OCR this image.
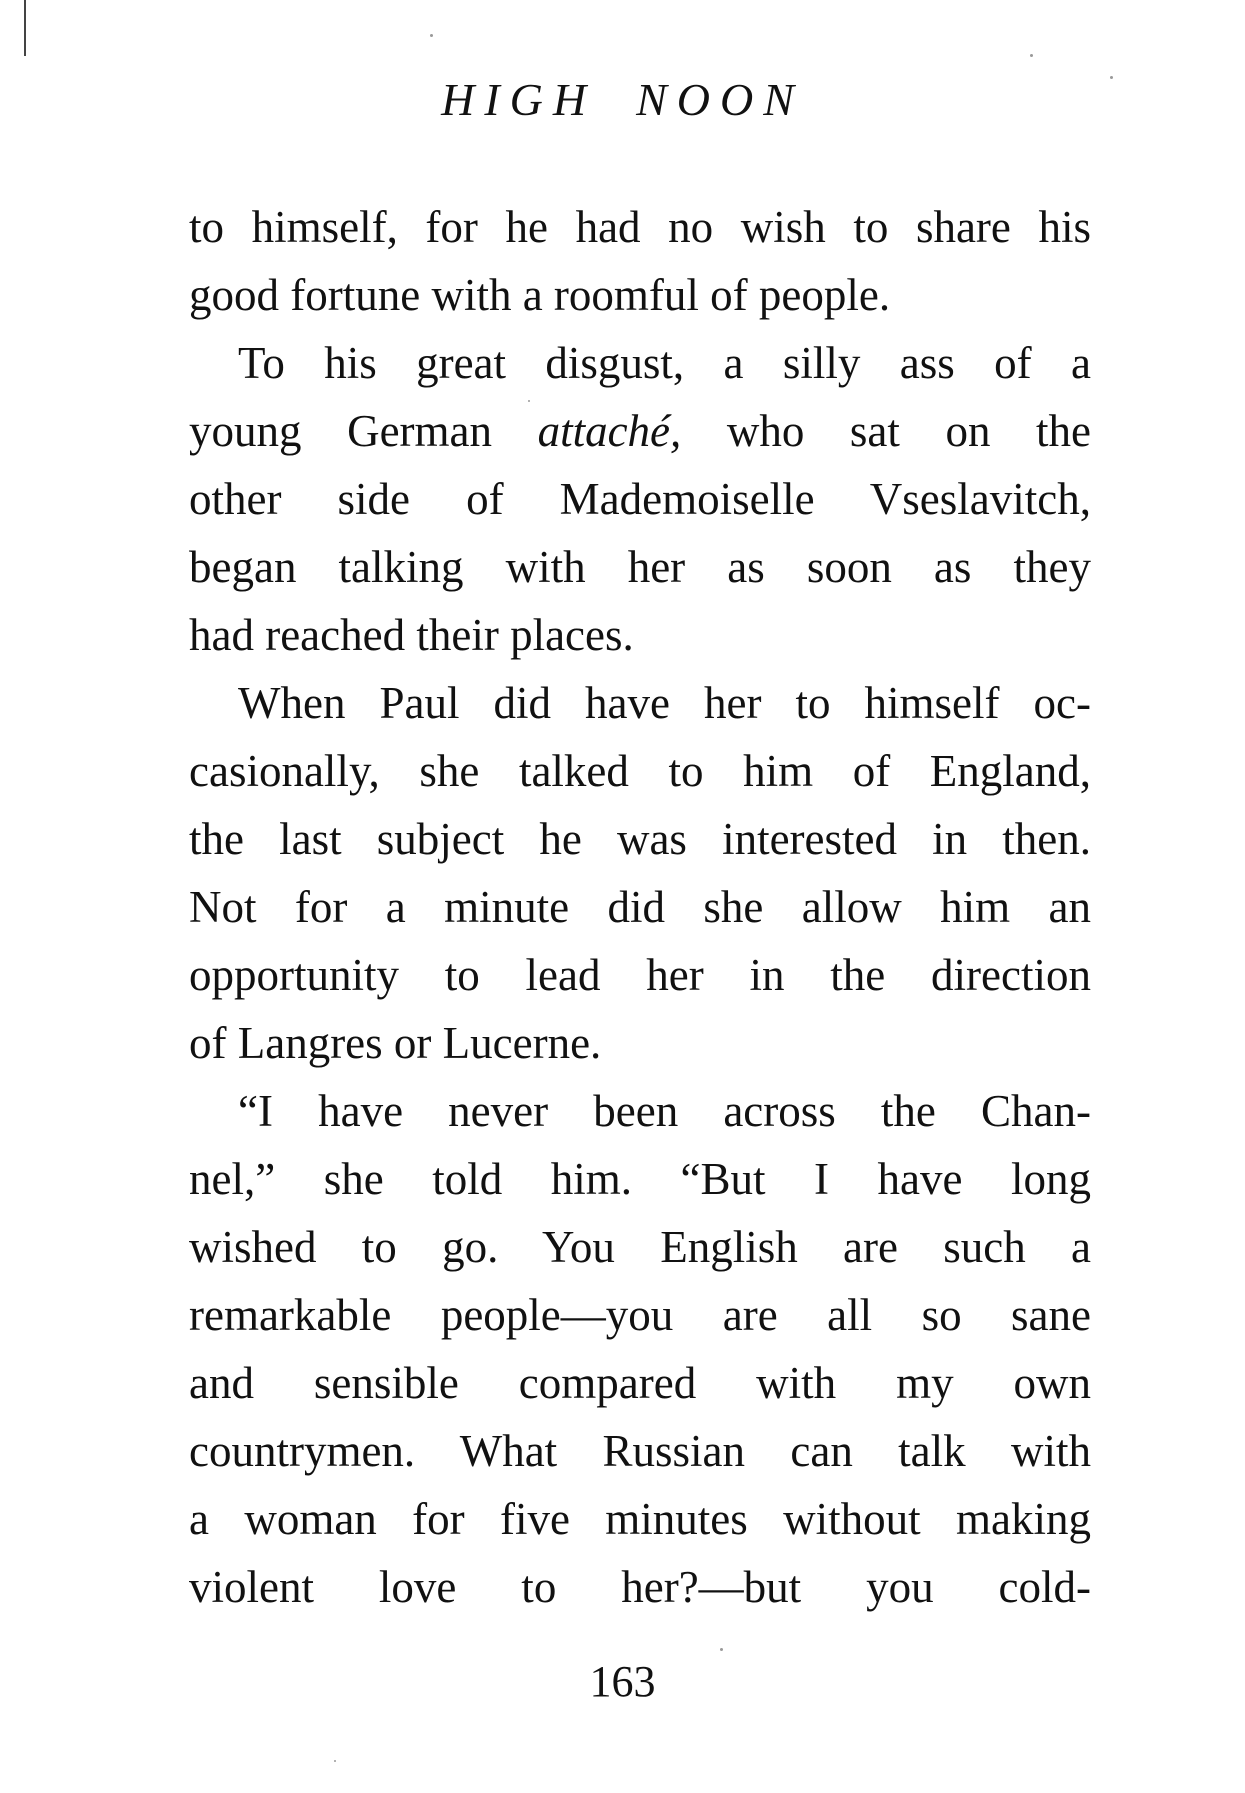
HIGH NOON
to himself, for he had no wish to share his
good fortune with a roomful of people.
To his great disgust, a silly ass of a
young German attaché, who sat on the
other side of Mademoiselle Vseslavitch,
began talking with her as soon as they
had reached their places.
When Paul did have her to himself oc-
casionally, she talked to him of England,
the last subject he was interested in then.
Not for a minute did she allow him an
opportunity to lead her in the direction
of Langres or Lucerne.
“I have never been across the Chan-
nel,” she told him. “But I have long
wished to go. You English are such a
remarkable people—you are all so sane
and sensible compared with my own
countrymen. What Russian can talk with
a woman for five minutes without making
violent love to her?—but you cold-
163
